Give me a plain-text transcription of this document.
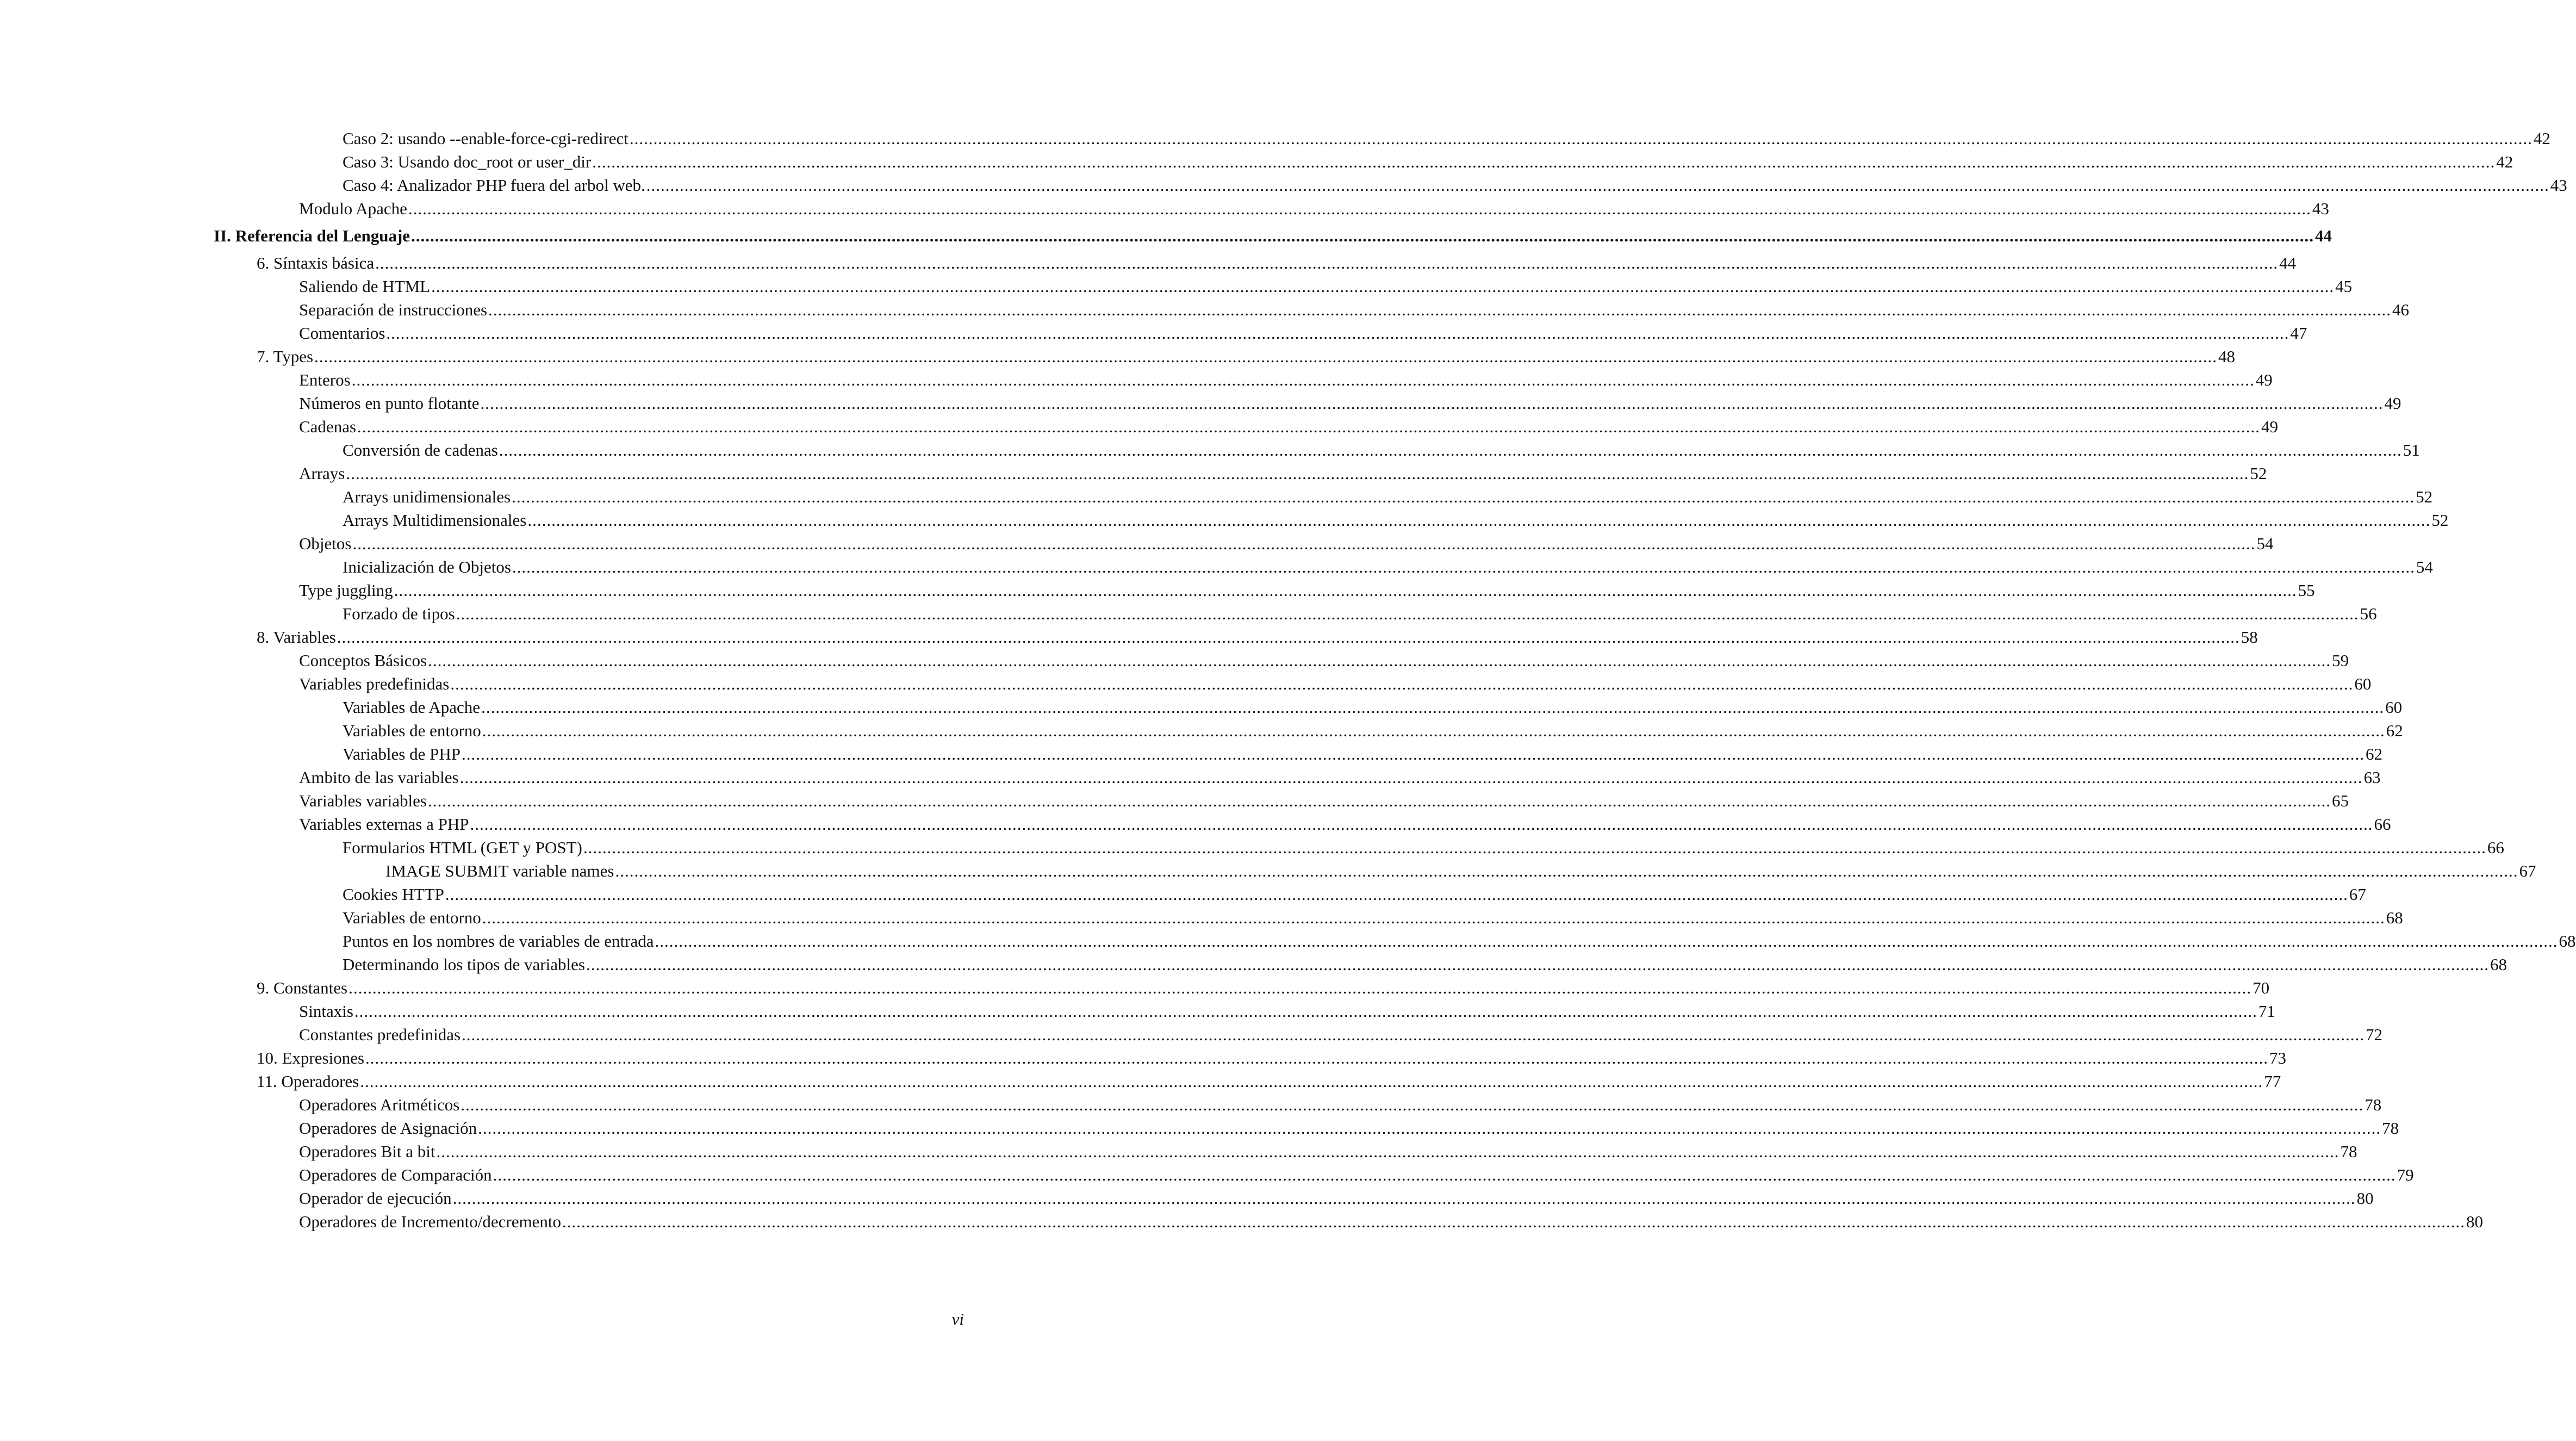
Caso 2: usando --enable-force-cgi-redirect ................................................................................................................................................................................................................................................................................................................................................................................................................ 42
Caso 3: Usando doc_root or user_dir ................................................................................................................................................................................................................................................................................................................................................................................................................ 42
Caso 4: Analizador PHP fuera del arbol web. ................................................................................................................................................................................................................................................................................................................................................................................................................ 43
Modulo Apache ................................................................................................................................................................................................................................................................................................................................................................................................................ 43
II. Referencia del Lenguaje ................................................................................................................................................................................................................................................................................................................................................................................................................ 44
6. Síntaxis básica ................................................................................................................................................................................................................................................................................................................................................................................................................ 44
Saliendo de HTML ................................................................................................................................................................................................................................................................................................................................................................................................................ 45
Separación de instrucciones ................................................................................................................................................................................................................................................................................................................................................................................................................ 46
Comentarios ................................................................................................................................................................................................................................................................................................................................................................................................................ 47
7. Types ................................................................................................................................................................................................................................................................................................................................................................................................................ 48
Enteros ................................................................................................................................................................................................................................................................................................................................................................................................................ 49
Números en punto flotante ................................................................................................................................................................................................................................................................................................................................................................................................................ 49
Cadenas ................................................................................................................................................................................................................................................................................................................................................................................................................ 49
Conversión de cadenas ................................................................................................................................................................................................................................................................................................................................................................................................................ 51
Arrays ................................................................................................................................................................................................................................................................................................................................................................................................................ 52
Arrays unidimensionales ................................................................................................................................................................................................................................................................................................................................................................................................................ 52
Arrays Multidimensionales ................................................................................................................................................................................................................................................................................................................................................................................................................ 52
Objetos ................................................................................................................................................................................................................................................................................................................................................................................................................ 54
Inicialización de Objetos ................................................................................................................................................................................................................................................................................................................................................................................................................ 54
Type juggling ................................................................................................................................................................................................................................................................................................................................................................................................................ 55
Forzado de tipos ................................................................................................................................................................................................................................................................................................................................................................................................................ 56
8. Variables ................................................................................................................................................................................................................................................................................................................................................................................................................ 58
Conceptos Básicos ................................................................................................................................................................................................................................................................................................................................................................................................................ 59
Variables predefinidas ................................................................................................................................................................................................................................................................................................................................................................................................................ 60
Variables de Apache ................................................................................................................................................................................................................................................................................................................................................................................................................ 60
Variables de entorno ................................................................................................................................................................................................................................................................................................................................................................................................................ 62
Variables de PHP ................................................................................................................................................................................................................................................................................................................................................................................................................ 62
Ambito de las variables ................................................................................................................................................................................................................................................................................................................................................................................................................ 63
Variables variables ................................................................................................................................................................................................................................................................................................................................................................................................................ 65
Variables externas a PHP ................................................................................................................................................................................................................................................................................................................................................................................................................ 66
Formularios HTML (GET y POST) ................................................................................................................................................................................................................................................................................................................................................................................................................ 66
IMAGE SUBMIT variable names ................................................................................................................................................................................................................................................................................................................................................................................................................ 67
Cookies HTTP ................................................................................................................................................................................................................................................................................................................................................................................................................ 67
Variables de entorno ................................................................................................................................................................................................................................................................................................................................................................................................................ 68
Puntos en los nombres de variables de entrada ................................................................................................................................................................................................................................................................................................................................................................................................................ 68
Determinando los tipos de variables ................................................................................................................................................................................................................................................................................................................................................................................................................ 68
9. Constantes ................................................................................................................................................................................................................................................................................................................................................................................................................ 70
Sintaxis ................................................................................................................................................................................................................................................................................................................................................................................................................ 71
Constantes predefinidas ................................................................................................................................................................................................................................................................................................................................................................................................................ 72
10. Expresiones ................................................................................................................................................................................................................................................................................................................................................................................................................ 73
11. Operadores ................................................................................................................................................................................................................................................................................................................................................................................................................ 77
Operadores Aritméticos ................................................................................................................................................................................................................................................................................................................................................................................................................ 78
Operadores de Asignación ................................................................................................................................................................................................................................................................................................................................................................................................................ 78
Operadores Bit a bit ................................................................................................................................................................................................................................................................................................................................................................................................................ 78
Operadores de Comparación ................................................................................................................................................................................................................................................................................................................................................................................................................ 79
Operador de ejecución ................................................................................................................................................................................................................................................................................................................................................................................................................ 80
Operadores de Incremento/decremento ................................................................................................................................................................................................................................................................................................................................................................................................................ 80
vi
